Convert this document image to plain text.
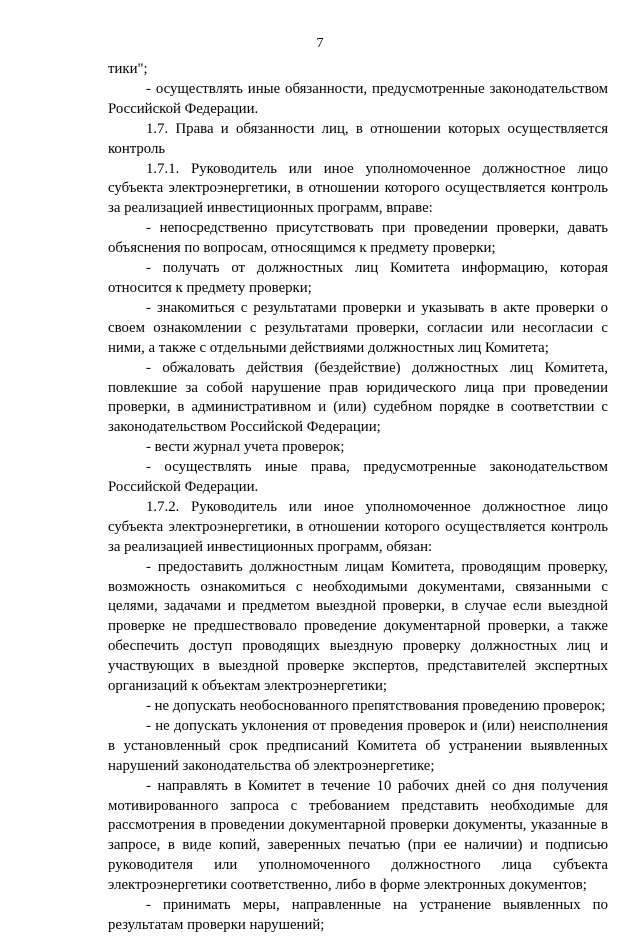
7

тики";

- осуществлять иные обязанности, предусмотренные законодательством Российской Федерации.

1.7. Права и обязанности лиц, в отношении которых осуществляется контроль

1.7.1. Руководитель или иное уполномоченное должностное лицо субъекта электроэнергетики, в отношении которого осуществляется контроль за реализацией инвестиционных программ, вправе:

- непосредственно присутствовать при проведении проверки, давать объяснения по вопросам, относящимся к предмету проверки;

- получать от должностных лиц Комитета информацию, которая относится к предмету проверки;

- знакомиться с результатами проверки и указывать в акте проверки о своем ознакомлении с результатами проверки, согласии или несогласии с ними, а также с отдельными действиями должностных лиц Комитета;

- обжаловать действия (бездействие) должностных лиц Комитета, повлекшие за собой нарушение прав юридического лица при проведении проверки, в административном и (или) судебном порядке в соответствии с законодательством Российской Федерации;

- вести журнал учета проверок;

- осуществлять иные права, предусмотренные законодательством Российской Федерации.

1.7.2. Руководитель или иное уполномоченное должностное лицо субъекта электроэнергетики, в отношении которого осуществляется контроль за реализацией инвестиционных программ, обязан:

- предоставить должностным лицам Комитета, проводящим проверку, возможность ознакомиться с необходимыми документами, связанными с целями, задачами и предметом выездной проверки, в случае если выездной проверке не предшествовало проведение документарной проверки, а также обеспечить доступ проводящих выездную проверку должностных лиц и участвующих в выездной проверке экспертов, представителей экспертных организаций к объектам электроэнергетики;

- не допускать необоснованного препятствования проведению проверок;

- не допускать уклонения от проведения проверок и (или) неисполнения в установленный срок предписаний Комитета об устранении выявленных нарушений законодательства об электроэнергетике;

- направлять в Комитет в течение 10 рабочих дней со дня получения мотивированного запроса с требованием представить необходимые для рассмотрения в проведении документарной проверки документы, указанные в запросе, в виде копий, заверенных печатью (при ее наличии) и подписью руководителя или уполномоченного должностного лица субъекта электроэнергетики соответственно, либо в форме электронных документов;

- принимать меры, направленные на устранение выявленных по результатам проверки нарушений;
